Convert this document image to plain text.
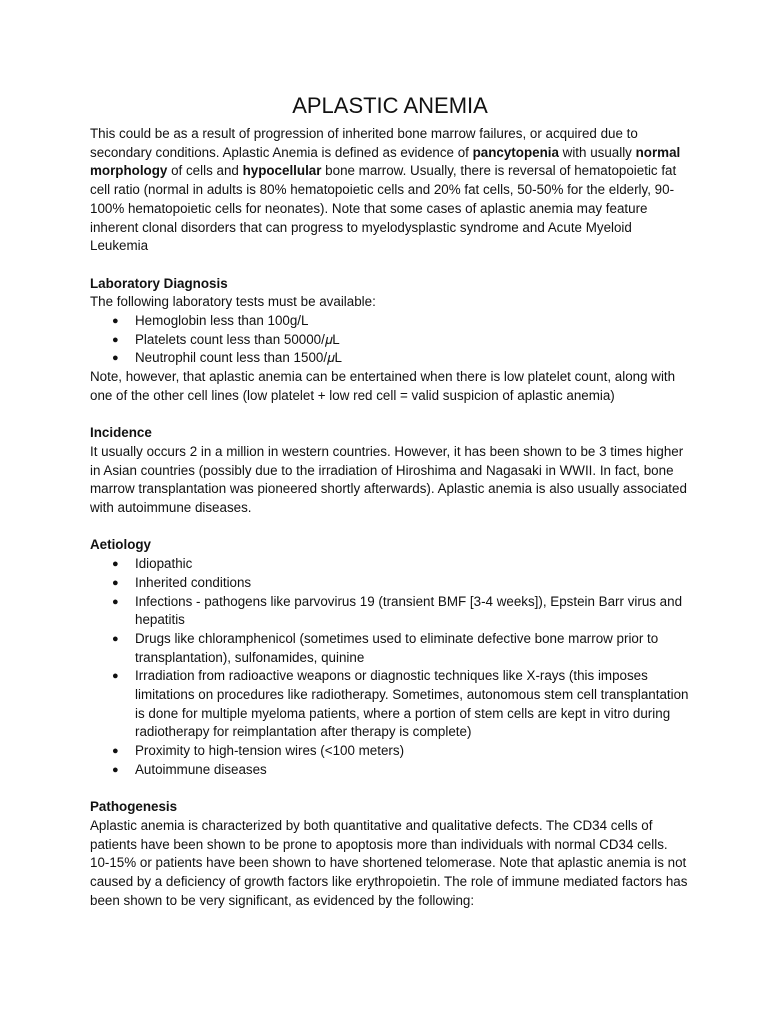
APLASTIC ANEMIA

This could be as a result of progression of inherited bone marrow failures, or acquired due to secondary conditions. Aplastic Anemia is defined as evidence of pancytopenia with usually normal morphology of cells and hypocellular bone marrow. Usually, there is reversal of hematopoietic fat cell ratio (normal in adults is 80% hematopoietic cells and 20% fat cells, 50-50% for the elderly, 90-100% hematopoietic cells for neonates). Note that some cases of aplastic anemia may feature inherent clonal disorders that can progress to myelodysplastic syndrome and Acute Myeloid Leukemia

Laboratory Diagnosis

The following laboratory tests must be available:

● Hemoglobin less than 100g/L
● Platelets count less than 50000/𝜇L
● Neutrophil count less than 1500/𝜇L

Note, however, that aplastic anemia can be entertained when there is low platelet count, along with one of the other cell lines (low platelet + low red cell = valid suspicion of aplastic anemia)

Incidence

It usually occurs 2 in a million in western countries. However, it has been shown to be 3 times higher in Asian countries (possibly due to the irradiation of Hiroshima and Nagasaki in WWII. In fact, bone marrow transplantation was pioneered shortly afterwards). Aplastic anemia is also usually associated with autoimmune diseases.

Aetiology

● Idiopathic
● Inherited conditions
● Infections - pathogens like parvovirus 19 (transient BMF [3-4 weeks]), Epstein Barr virus and hepatitis
● Drugs like chloramphenicol (sometimes used to eliminate defective bone marrow prior to transplantation), sulfonamides, quinine
● Irradiation from radioactive weapons or diagnostic techniques like X-rays (this imposes limitations on procedures like radiotherapy. Sometimes, autonomous stem cell transplantation is done for multiple myeloma patients, where a portion of stem cells are kept in vitro during radiotherapy for reimplantation after therapy is complete)
● Proximity to high-tension wires (<100 meters)
● Autoimmune diseases

Pathogenesis

Aplastic anemia is characterized by both quantitative and qualitative defects. The CD34 cells of patients have been shown to be prone to apoptosis more than individuals with normal CD34 cells. 10-15% or patients have been shown to have shortened telomerase. Note that aplastic anemia is not caused by a deficiency of growth factors like erythropoietin. The role of immune mediated factors has been shown to be very significant, as evidenced by the following:
